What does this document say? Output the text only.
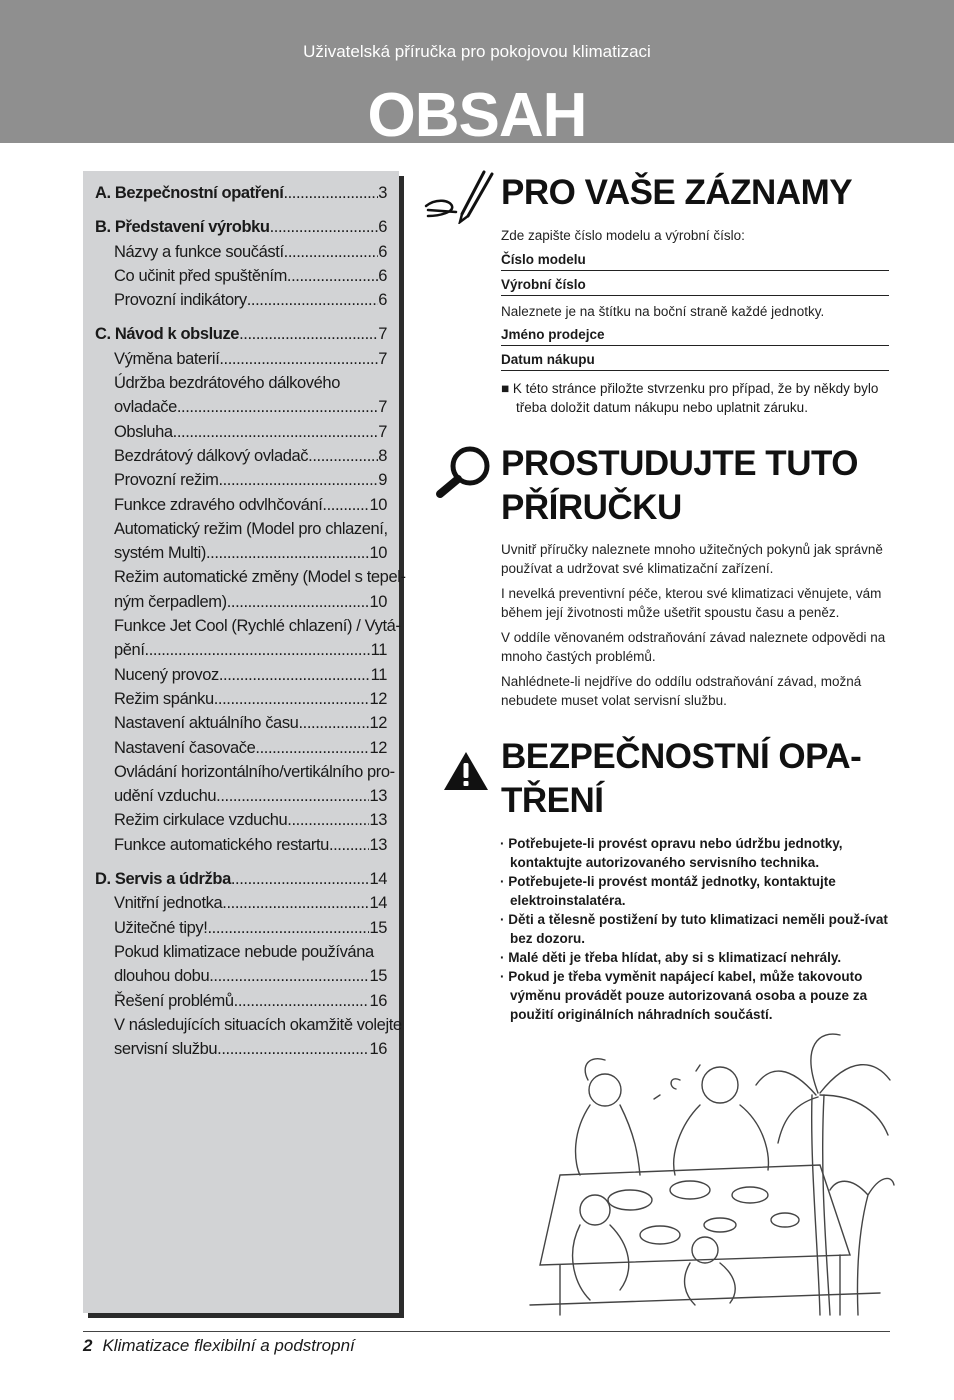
Uživatelská příručka pro pokojovou klimatizaci
OBSAH
A. Bezpečnostní opatření .....	3
B. Představení výrobku .....	6
Názvy a funkce součástí .....	6
Co učinit před spuštěním .....	6
Provozní indikátory .....	6
C. Návod k obsluze .....	7
Výměna baterií .....	7
Údržba bezdrátového dálkového
ovladače .....	7
Obsluha .....	7
Bezdrátový dálkový ovladač .....	8
Provozní režim .....	9
Funkce zdravého odvlhčování .....	10
Automatický režim (Model pro chlazení,
systém Multi) .....	10
Režim automatické změny (Model s tepel-
ným čerpadlem) .....	10
Funkce Jet Cool (Rychlé chlazení) / Vytá-
pění .....	11
Nucený provoz .....	11
Režim spánku .....	12
Nastavení aktuálního času .....	12
Nastavení časovače .....	12
Ovládání horizontálního/vertikálního pro-
udění vzduchu .....	13
Režim cirkulace vzduchu .....	13
Funkce automatického restartu ..... 13
D. Servis a údržba .....	14
Vnitřní jednotka .....	14
Užitečné tipy! .....	15
Pokud klimatizace nebude používána
dlouhou dobu .....	15
Řešení problémů .....	16
V následujících situacích okamžitě volejte
servisní službu .....	16
PRO VAŠE ZÁZNAMY
Zde zapište číslo modelu a výrobní číslo:
Číslo modelu
Výrobní číslo
Naleznete je na štítku na boční straně každé jednotky.
Jméno prodejce
Datum nákupu
■ K této stránce přiložte stvrzenku pro případ, že by někdy bylo třeba doložit datum nákupu nebo uplatnit záruku.
PROSTUDUJTE TUTO
PŘÍRUČKU
Uvnitř příručky naleznete mnoho užitečných pokynů jak správně používat a udržovat své klimatizační zařízení.
I nevelká preventivní péče, kterou své klimatizaci věnujete, vám během její životnosti může ušetřit spoustu času a peněz.
V oddíle věnovaném odstraňování závad naleznete odpovědi na mnoho častých problémů.
Nahlédnete-li nejdříve do oddílu odstraňování závad, možná nebudete muset volat servisní službu.
BEZPEČNOSTNÍ OPA-
TŘENÍ
· Potřebujete-li provést opravu nebo údržbu jednotky, kontaktujte autorizovaného servisního technika.
· Potřebujete-li provést montáž jednotky, kontaktujte elektroinstalatéra.
· Děti a tělesně postižení by tuto klimatizaci neměli použ-ívat bez dozoru.
· Malé děti je třeba hlídat, aby si s klimatizací nehrály.
· Pokud je třeba vyměnit napájecí kabel, může takovouto výměnu provádět pouze autorizovaná osoba a pouze za použití originálních náhradních součástí.
2 Klimatizace flexibilní a podstropní
